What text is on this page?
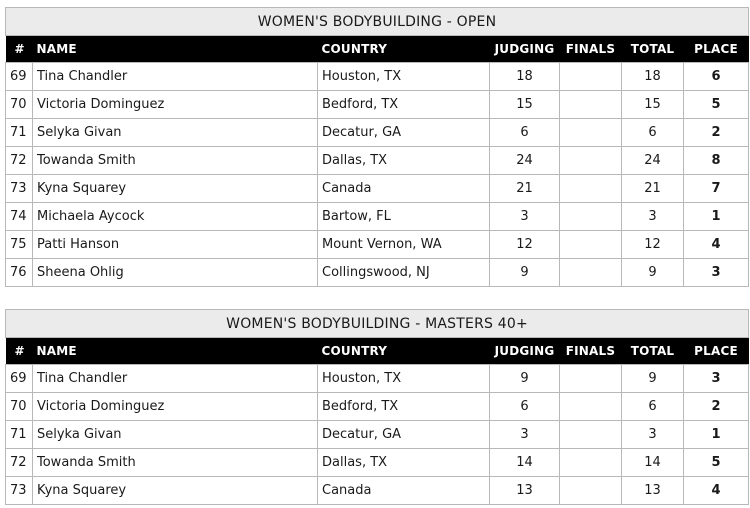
WOMEN'S BODYBUILDING - OPEN						
#	NAME	COUNTRY	JUDGING	FINALS	TOTAL	PLACE
69	Tina Chandler	Houston, TX	18		18	6
70	Victoria Dominguez	Bedford, TX	15		15	5
71	Selyka Givan	Decatur, GA	6		6	2
72	Towanda Smith	Dallas, TX	24		24	8
73	Kyna Squarey	Canada	21		21	7
74	Michaela Aycock	Bartow, FL	3		3	1
75	Patti Hanson	Mount Vernon, WA	12		12	4
76	Sheena Ohlig	Collingswood, NJ	9		9	3
WOMEN'S BODYBUILDING - MASTERS 40+						
#	NAME	COUNTRY	JUDGING	FINALS	TOTAL	PLACE
69	Tina Chandler	Houston, TX	9		9	3
70	Victoria Dominguez	Bedford, TX	6		6	2
71	Selyka Givan	Decatur, GA	3		3	1
72	Towanda Smith	Dallas, TX	14		14	5
73	Kyna Squarey	Canada	13		13	4
